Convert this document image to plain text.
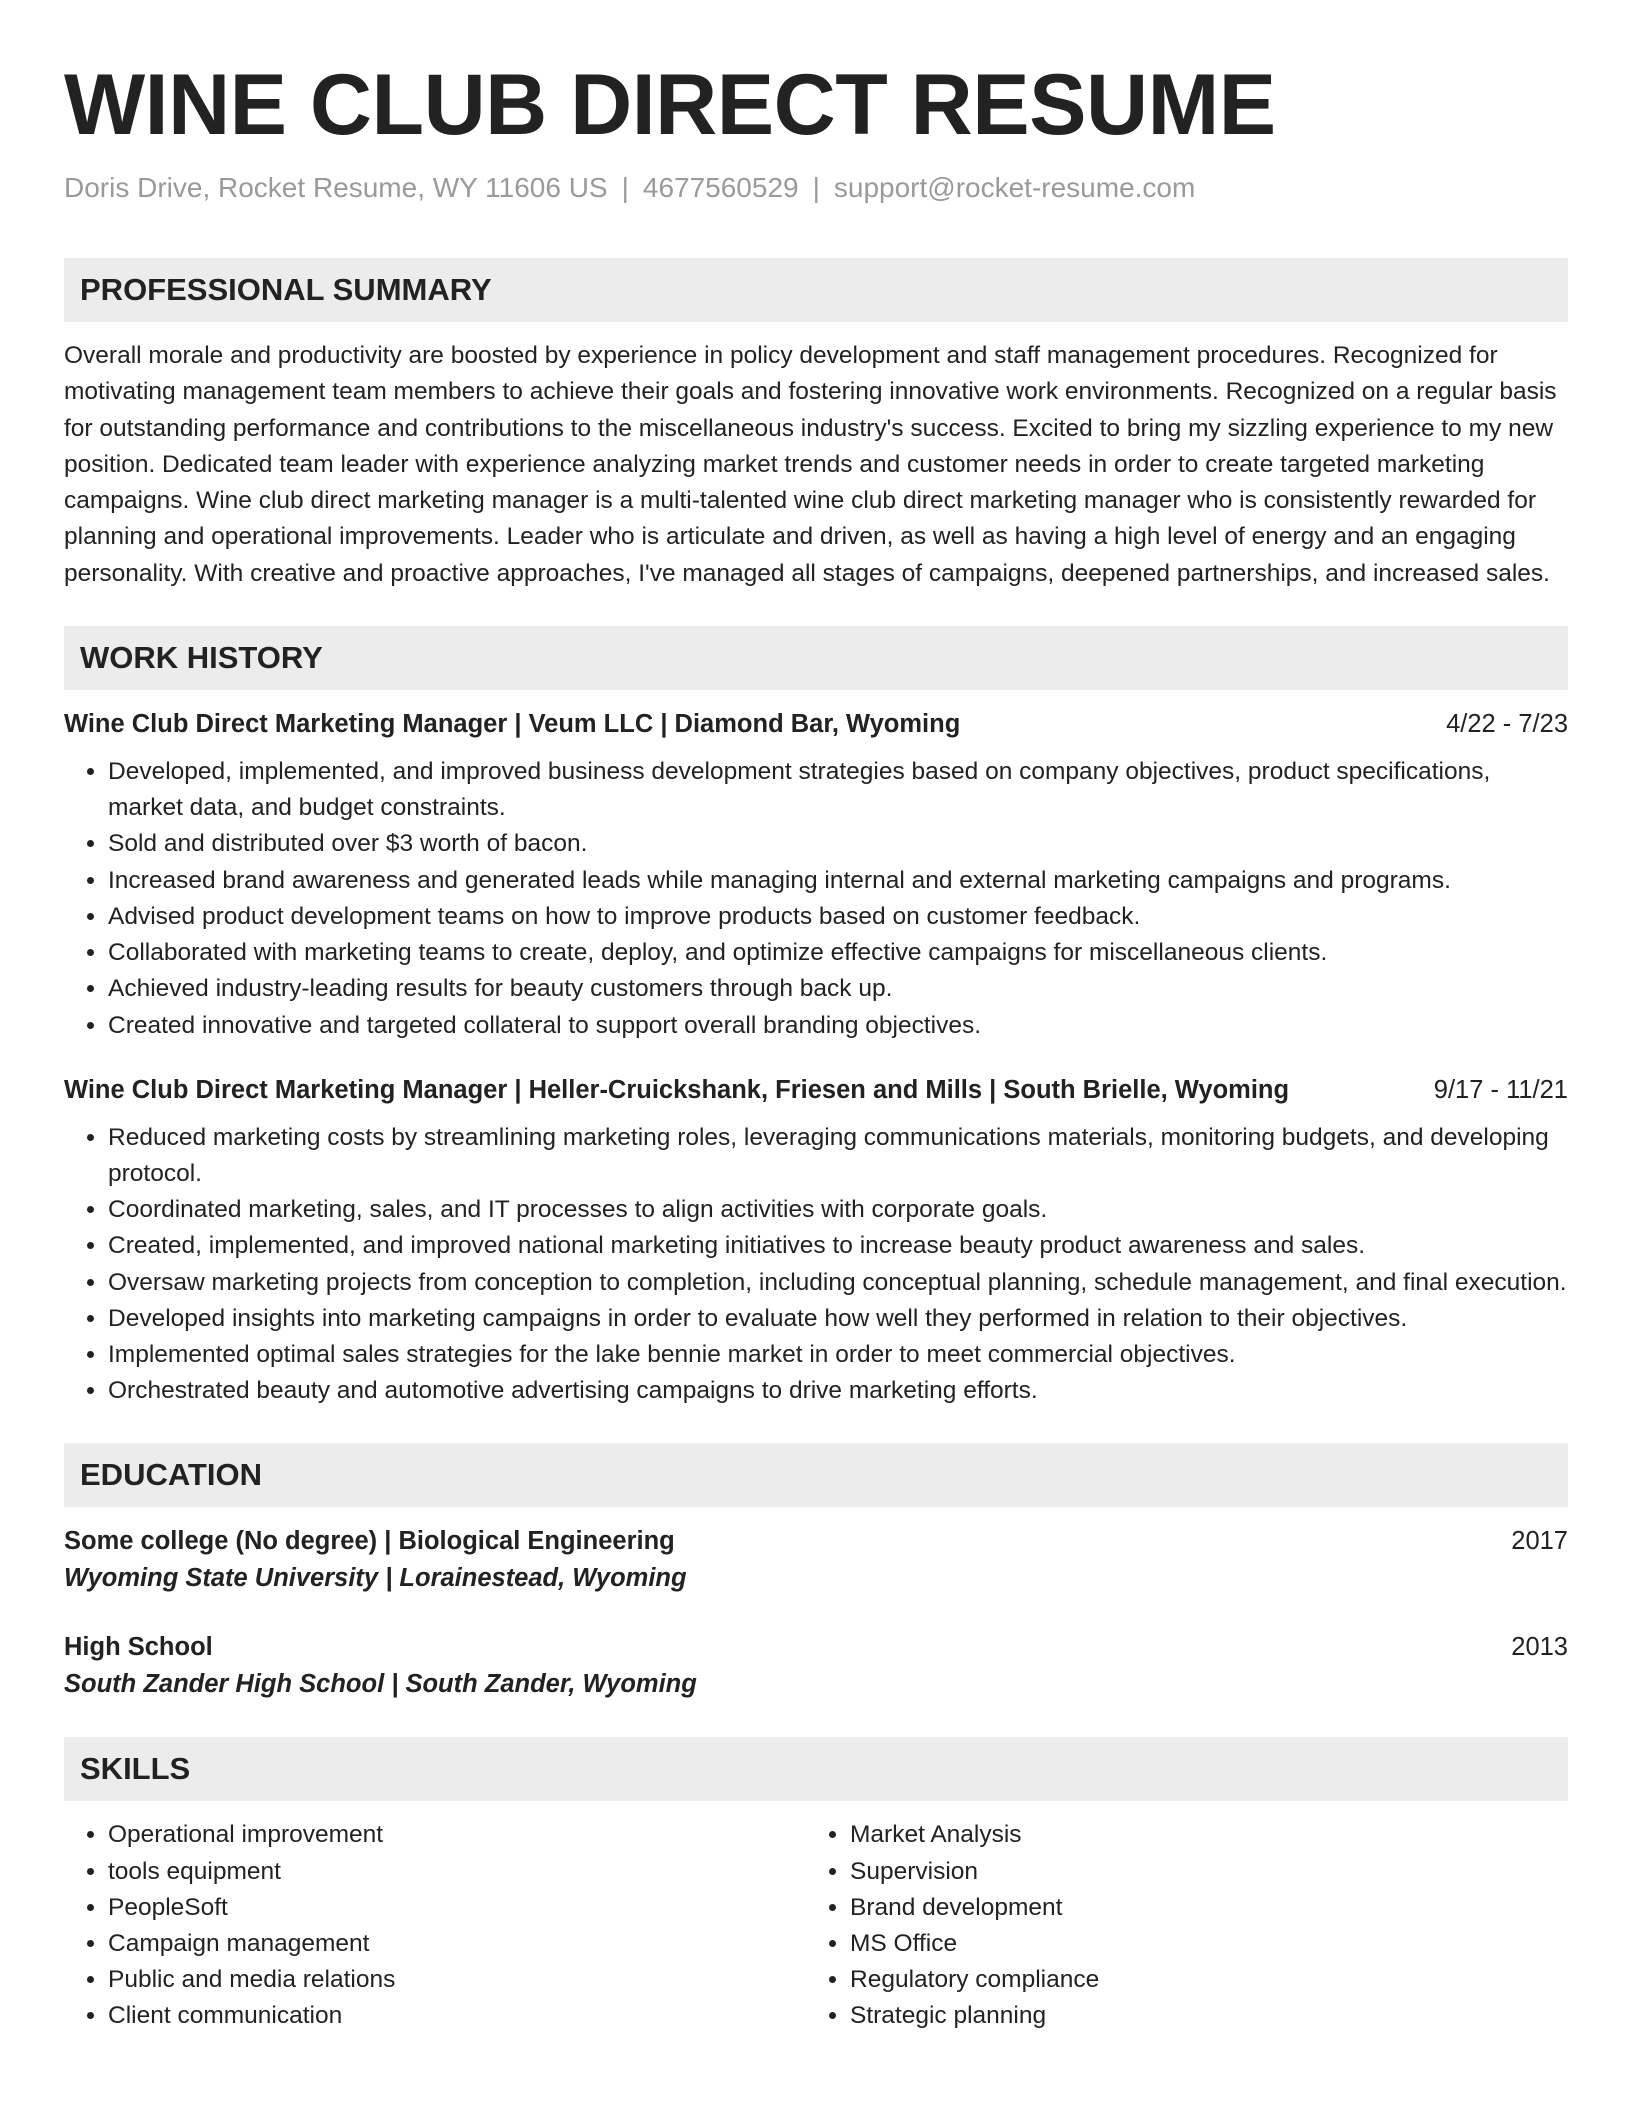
WINE CLUB DIRECT RESUME
Doris Drive, Rocket Resume, WY 11606 US | 4677560529 | support@rocket-resume.com
PROFESSIONAL SUMMARY
Overall morale and productivity are boosted by experience in policy development and staff management procedures. Recognized for motivating management team members to achieve their goals and fostering innovative work environments. Recognized on a regular basis for outstanding performance and contributions to the miscellaneous industry's success. Excited to bring my sizzling experience to my new position. Dedicated team leader with experience analyzing market trends and customer needs in order to create targeted marketing campaigns. Wine club direct marketing manager is a multi-talented wine club direct marketing manager who is consistently rewarded for planning and operational improvements. Leader who is articulate and driven, as well as having a high level of energy and an engaging personality. With creative and proactive approaches, I've managed all stages of campaigns, deepened partnerships, and increased sales.
WORK HISTORY
Wine Club Direct Marketing Manager | Veum LLC | Diamond Bar, Wyoming	4/22 - 7/23
• Developed, implemented, and improved business development strategies based on company objectives, product specifications, market data, and budget constraints.
• Sold and distributed over $3 worth of bacon.
• Increased brand awareness and generated leads while managing internal and external marketing campaigns and programs.
• Advised product development teams on how to improve products based on customer feedback.
• Collaborated with marketing teams to create, deploy, and optimize effective campaigns for miscellaneous clients.
• Achieved industry-leading results for beauty customers through back up.
• Created innovative and targeted collateral to support overall branding objectives.
Wine Club Direct Marketing Manager | Heller-Cruickshank, Friesen and Mills | South Brielle, Wyoming	9/17 - 11/21
• Reduced marketing costs by streamlining marketing roles, leveraging communications materials, monitoring budgets, and developing protocol.
• Coordinated marketing, sales, and IT processes to align activities with corporate goals.
• Created, implemented, and improved national marketing initiatives to increase beauty product awareness and sales.
• Oversaw marketing projects from conception to completion, including conceptual planning, schedule management, and final execution.
• Developed insights into marketing campaigns in order to evaluate how well they performed in relation to their objectives.
• Implemented optimal sales strategies for the lake bennie market in order to meet commercial objectives.
• Orchestrated beauty and automotive advertising campaigns to drive marketing efforts.
EDUCATION
Some college (No degree) | Biological Engineering	2017
Wyoming State University | Lorainestead, Wyoming
High School	2013
South Zander High School | South Zander, Wyoming
SKILLS
• Operational improvement
• tools equipment
• PeopleSoft
• Campaign management
• Public and media relations
• Client communication
• Market Analysis
• Supervision
• Brand development
• MS Office
• Regulatory compliance
• Strategic planning
